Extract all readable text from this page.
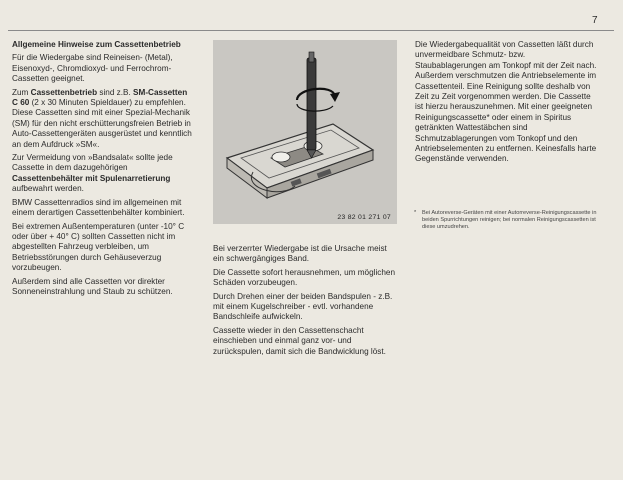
7

Allgemeine Hinweise zum Cassettenbetrieb

Für die Wiedergabe sind Reineisen- (Metal), Eisenoxyd-, Chromdioxyd- und Ferrochrom-Cassetten geeignet.

Zum Cassettenbetrieb sind z.B. SM-Cassetten C 60 (2 x 30 Minuten Spieldauer) zu empfehlen. Diese Cassetten sind mit einer Spezial-Mechanik (SM) für den nicht erschütterungsfreien Betrieb in Auto-Cassettengeräten ausgerüstet und kenntlich an dem Aufdruck »SM«.

Zur Vermeidung von »Bandsalat« sollte jede Cassette in dem dazugehörigen Cassettenbehälter mit Spulenarretierung aufbewahrt werden.

BMW Cassettenradios sind im allgemeinen mit einem derartigen Cassettenbehälter kombiniert.

Bei extremen Außentemperaturen (unter -10° C oder über + 40° C) sollten Cassetten nicht im abgestellten Fahrzeug verbleiben, um Betriebsstörungen durch Gehäuseverzug vorzubeugen.

Außerdem sind alle Cassetten vor direkter Sonneneinstrahlung und Staub zu schützen.

23 82 01 271 07

Bei verzerrter Wiedergabe ist die Ursache meist ein schwergängiges Band.

Die Cassette sofort herausnehmen, um möglichen Schäden vorzubeugen.

Durch Drehen einer der beiden Bandspulen - z.B. mit einem Kugelschreiber - evtl. vorhandene Bandschleife aufwickeln.

Cassette wieder in den Cassettenschacht einschieben und einmal ganz vor- und zurückspulen, damit sich die Bandwicklung löst.

Die Wiedergabequalität von Cassetten läßt durch unvermeidbare Schmutz- bzw. Staubablagerungen am Tonkopf mit der Zeit nach. Außerdem verschmutzen die Antriebselemente im Cassettenteil. Eine Reinigung sollte deshalb von Zeit zu Zeit vorgenommen werden. Die Cassette ist hierzu herauszunehmen. Mit einer geeigneten Reinigungscassette* oder einem in Spiritus getränkten Wattestäbchen sind Schmutzablagerungen vom Tonkopf und den Antriebselementen zu entfernen. Keinesfalls harte Gegenstände verwenden.

* Bei Autoreverse-Geräten mit einer Autorreverse-Reinigungscassette in beiden Spurrichtungen reinigen; bei normalen Reinigungscassetten ist diese umzudrehen.
